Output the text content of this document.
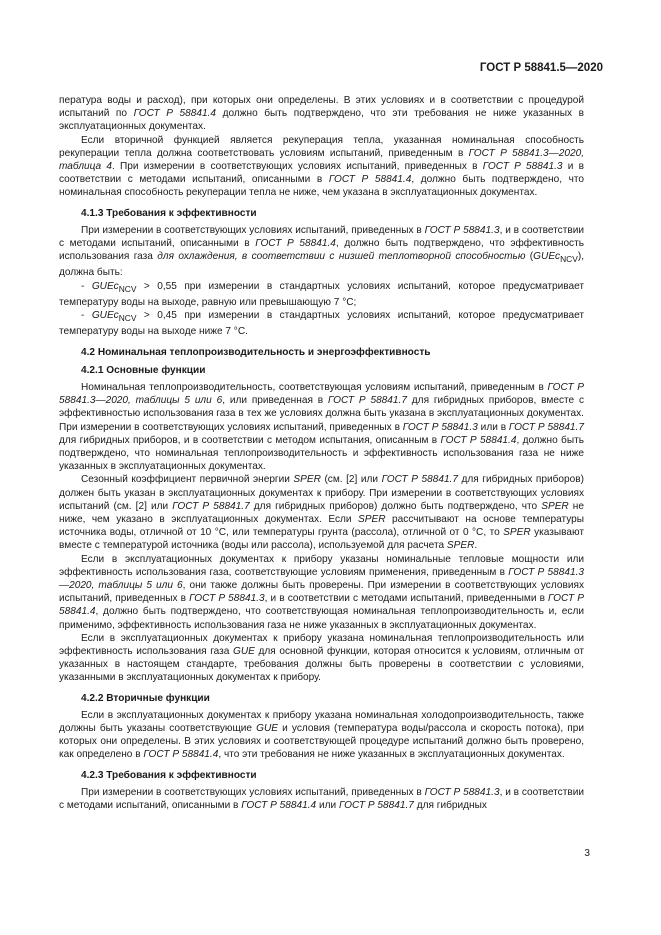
ГОСТ Р 58841.5—2020

пература воды и расход), при которых они определены. В этих условиях и в соответствии с процедурой испытаний по ГОСТ Р 58841.4 должно быть подтверждено, что эти требования не ниже указанных в эксплуатационных документах.

Если вторичной функцией является рекуперация тепла, указанная номинальная способность рекуперации тепла должна соответствовать условиям испытаний, приведенным в ГОСТ Р 58841.3—2020, таблица 4. При измерении в соответствующих условиях испытаний, приведенных в ГОСТ Р 58841.3 и в соответствии с методами испытаний, описанными в ГОСТ Р 58841.4, должно быть подтверждено, что номинальная способность рекуперации тепла не ниже, чем указана в эксплуатационных документах.

4.1.3 Требования к эффективности

При измерении в соответствующих условиях испытаний, приведенных в ГОСТ Р 58841.3, и в соответствии с методами испытаний, описанными в ГОСТ Р 58841.4, должно быть подтверждено, что эффективность использования газа для охлаждения, в соответствии с низшей теплотворной способностью (GUEc$_{NCV}$), должна быть:

- GUEc$_{NCV}$ > 0,55 при измерении в стандартных условиях испытаний, которое предусматривает температуру воды на выходе, равную или превышающую 7 °С;

- GUEc$_{NCV}$ > 0,45 при измерении в стандартных условиях испытаний, которое предусматривает температуру воды на выходе ниже 7 °С.

4.2 Номинальная теплопроизводительность и энергоэффективность

4.2.1 Основные функции

Номинальная теплопроизводительность, соответствующая условиям испытаний, приведенным в ГОСТ Р 58841.3—2020, таблицы 5 или 6, или приведенная в ГОСТ Р 58841.7 для гибридных приборов, вместе с эффективностью использования газа в тех же условиях должна быть указана в эксплуатационных документах. При измерении в соответствующих условиях испытаний, приведенных в ГОСТ Р 58841.3 или в ГОСТ Р 58841.7 для гибридных приборов, и в соответствии с методом испытания, описанным в ГОСТ Р 58841.4, должно быть подтверждено, что номинальная теплопроизводительность и эффективность использования газа не ниже указанных в эксплуатационных документах.

Сезонный коэффициент первичной энергии SPER (см. [2] или ГОСТ Р 58841.7 для гибридных приборов) должен быть указан в эксплуатационных документах к прибору. При измерении в соответствующих условиях испытаний (см. [2] или ГОСТ Р 58841.7 для гибридных приборов) должно быть подтверждено, что SPER не ниже, чем указано в эксплуатационных документах. Если SPER рассчитывают на основе температуры источника воды, отличной от 10 °С, или температуры грунта (рассола), отличной от 0 °С, то SPER указывают вместе с температурой источника (воды или рассола), используемой для расчета SPER.

Если в эксплуатационных документах к прибору указаны номинальные тепловые мощности или эффективность использования газа, соответствующие условиям применения, приведенным в ГОСТ Р 58841.3—2020, таблицы 5 или 6, они также должны быть проверены. При измерении в соответствующих условиях испытаний, приведенных в ГОСТ Р 58841.3, и в соответствии с методами испытаний, приведенными в ГОСТ Р 58841.4, должно быть подтверждено, что соответствующая номинальная теплопроизводительность и, если применимо, эффективность использования газа не ниже указанных в эксплуатационных документах.

Если в эксплуатационных документах к прибору указана номинальная теплопроизводительность или эффективность использования газа GUE для основной функции, которая относится к условиям, отличным от указанных в настоящем стандарте, требования должны быть проверены в соответствии с условиями, указанными в эксплуатационных документах к прибору.

4.2.2 Вторичные функции

Если в эксплуатационных документах к прибору указана номинальная холодопроизводительность, также должны быть указаны соответствующие GUE и условия (температура воды/рассола и скорость потока), при которых они определены. В этих условиях и соответствующей процедуре испытаний должно быть проверено, как определено в ГОСТ Р 58841.4, что эти требования не ниже указанных в эксплуатационных документах.

4.2.3 Требования к эффективности

При измерении в соответствующих условиях испытаний, приведенных в ГОСТ Р 58841.3, и в соответствии с методами испытаний, описанными в ГОСТ Р 58841.4 или ГОСТ Р 58841.7 для гибридных

3
